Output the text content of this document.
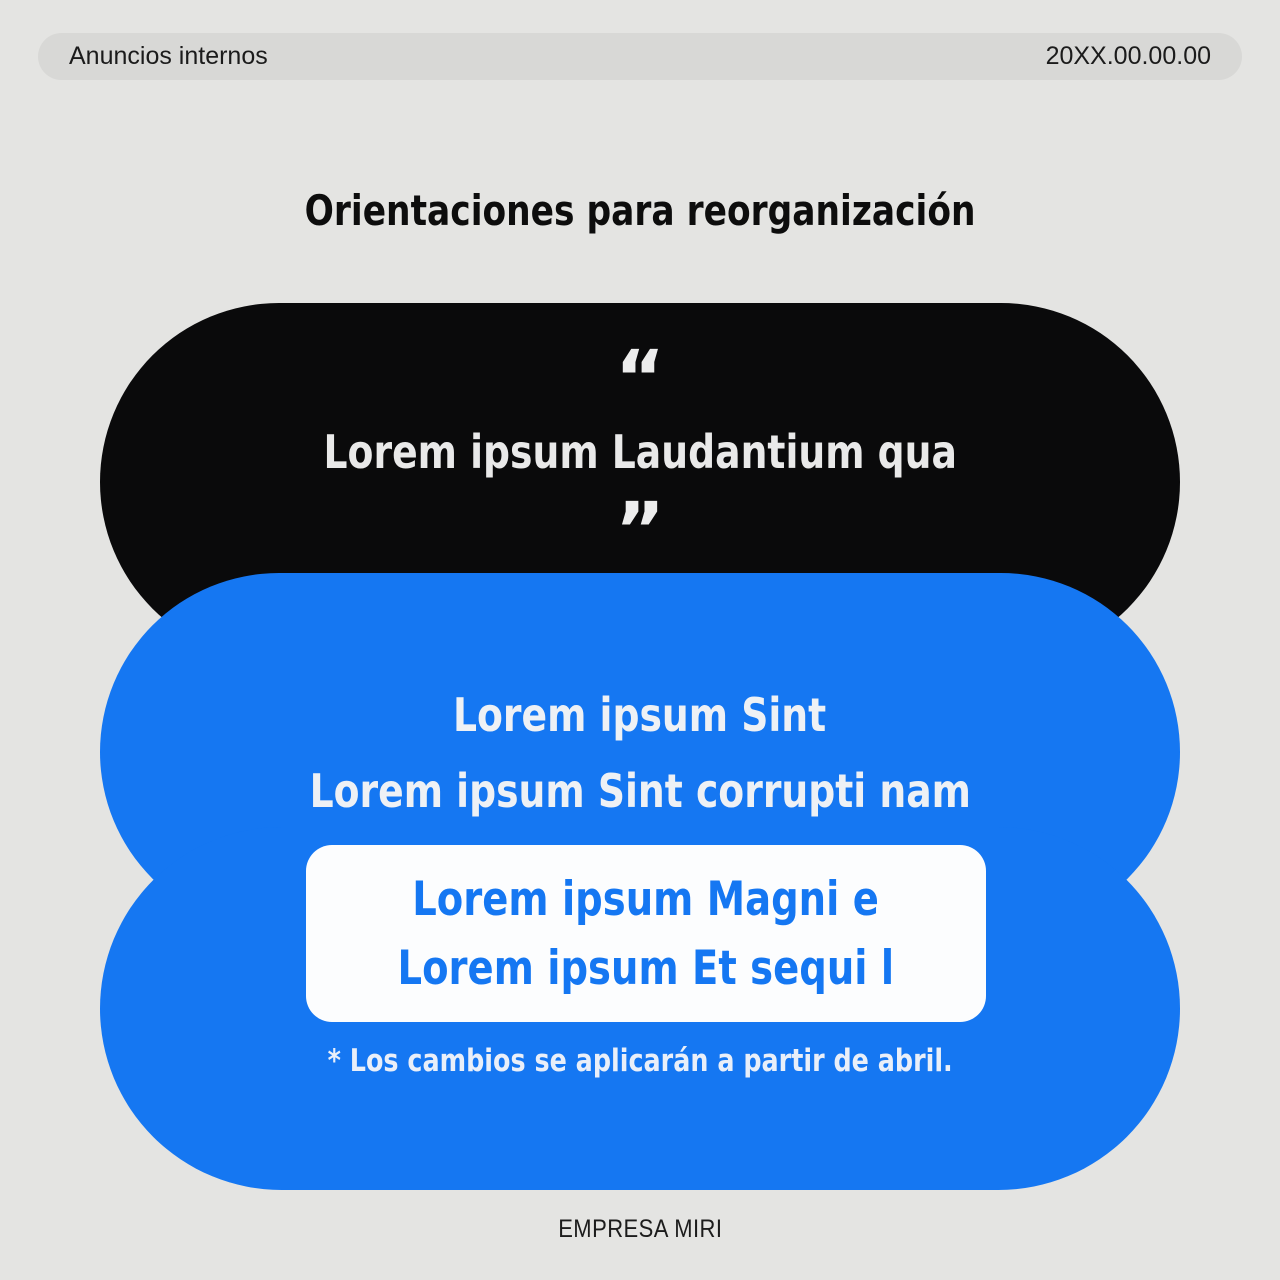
Anuncios internos	20XX.00.00.00
Orientaciones para reorganización
“
Lorem ipsum Laudantium qua
”
Lorem ipsum Sint
Lorem ipsum Sint corrupti nam
Lorem ipsum Magni e
Lorem ipsum Et sequi l
* Los cambios se aplicarán a partir de abril.
EMPRESA MIRI
